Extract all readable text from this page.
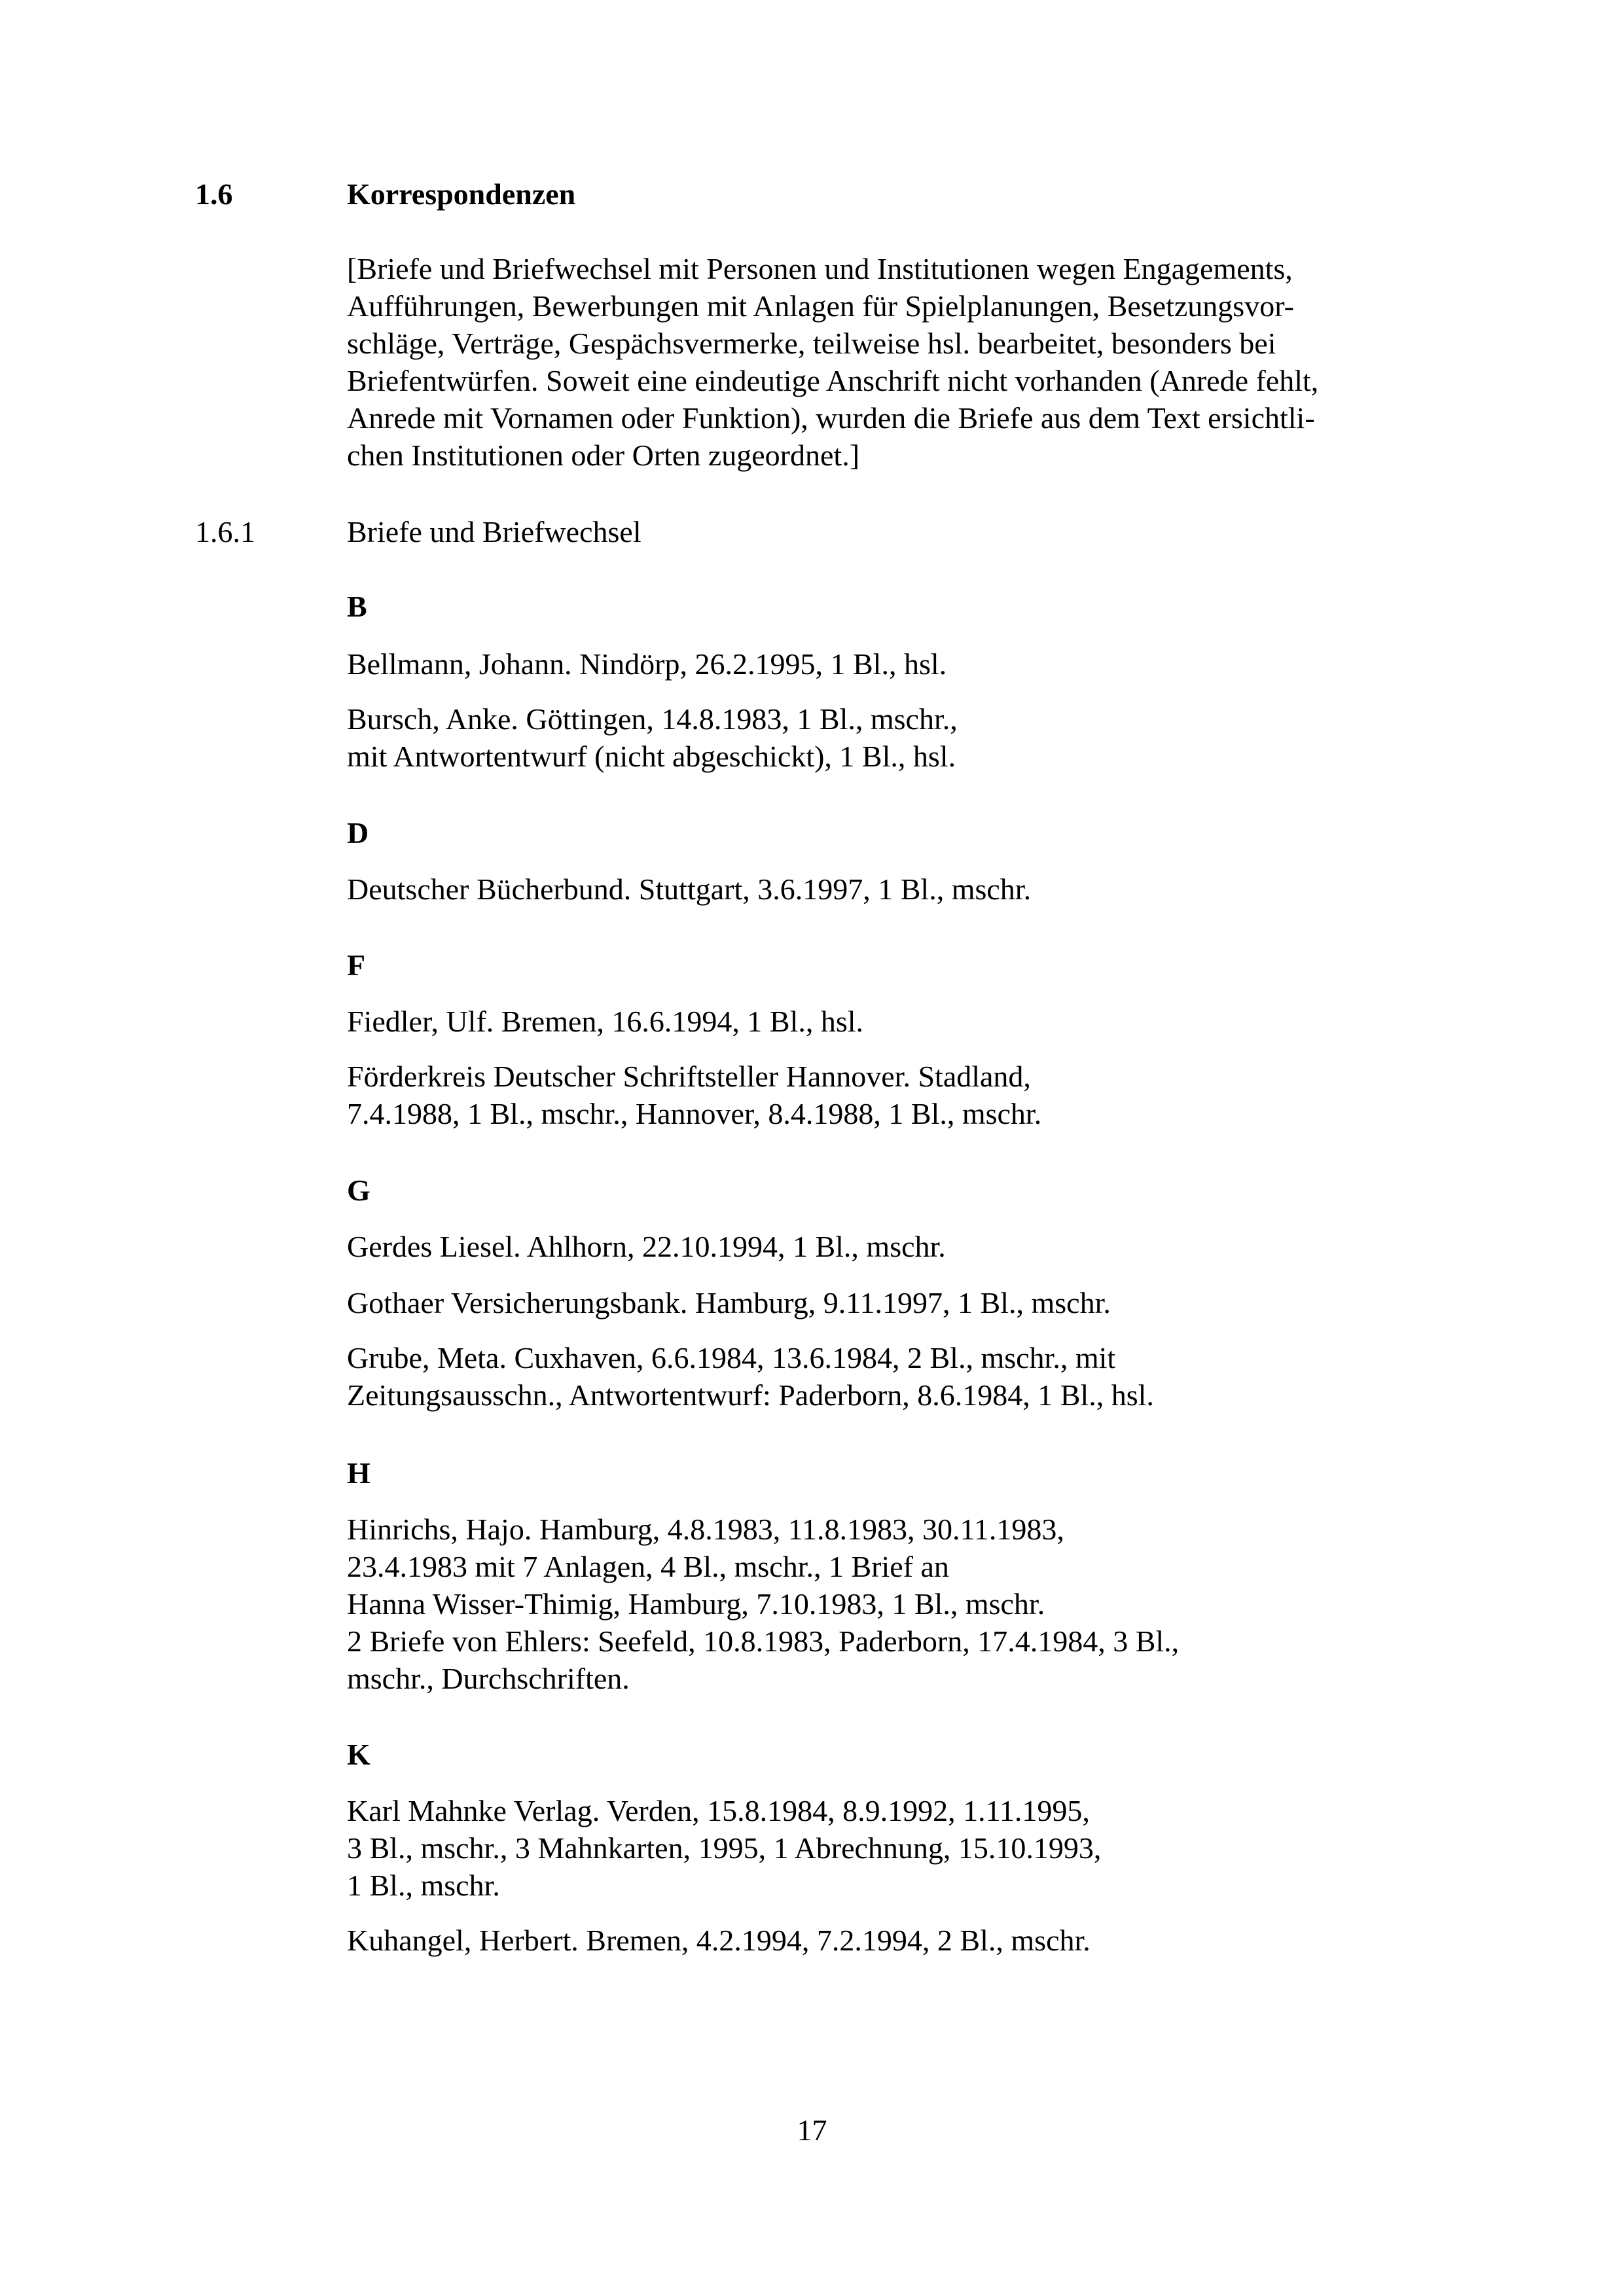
1.6	Korrespondenzen
[Briefe und Briefwechsel mit Personen und Institutionen wegen Engagements,
Aufführungen, Bewerbungen mit Anlagen für Spielplanungen, Besetzungsvor-
schläge, Verträge, Gespächsvermerke, teilweise hsl. bearbeitet, besonders bei
Briefentwürfen. Soweit eine eindeutige Anschrift nicht vorhanden (Anrede fehlt,
Anrede mit Vornamen oder Funktion), wurden die Briefe aus dem Text ersichtli-
chen Institutionen oder Orten zugeordnet.]
1.6.1	Briefe und Briefwechsel
B
Bellmann, Johann. Nindörp, 26.2.1995, 1 Bl., hsl.
Bursch, Anke. Göttingen, 14.8.1983, 1 Bl., mschr.,
mit Antwortentwurf (nicht abgeschickt), 1 Bl., hsl.
D
Deutscher Bücherbund. Stuttgart, 3.6.1997, 1 Bl., mschr.
F
Fiedler, Ulf. Bremen, 16.6.1994, 1 Bl., hsl.
Förderkreis Deutscher Schriftsteller Hannover. Stadland,
7.4.1988, 1 Bl., mschr., Hannover, 8.4.1988, 1 Bl., mschr.
G
Gerdes Liesel. Ahlhorn, 22.10.1994, 1 Bl., mschr.
Gothaer Versicherungsbank. Hamburg, 9.11.1997, 1 Bl., mschr.
Grube, Meta. Cuxhaven, 6.6.1984, 13.6.1984, 2 Bl., mschr., mit
Zeitungsausschn., Antwortentwurf: Paderborn, 8.6.1984, 1 Bl., hsl.
H
Hinrichs, Hajo. Hamburg, 4.8.1983, 11.8.1983, 30.11.1983,
23.4.1983 mit 7 Anlagen, 4 Bl., mschr., 1 Brief an
Hanna Wisser-Thimig, Hamburg, 7.10.1983, 1 Bl., mschr.
2 Briefe von Ehlers: Seefeld, 10.8.1983, Paderborn, 17.4.1984, 3 Bl.,
mschr., Durchschriften.
K
Karl Mahnke Verlag. Verden, 15.8.1984, 8.9.1992, 1.11.1995,
3 Bl., mschr., 3 Mahnkarten, 1995, 1 Abrechnung, 15.10.1993,
1 Bl., mschr.
Kuhangel, Herbert. Bremen, 4.2.1994, 7.2.1994, 2 Bl., mschr.
17
